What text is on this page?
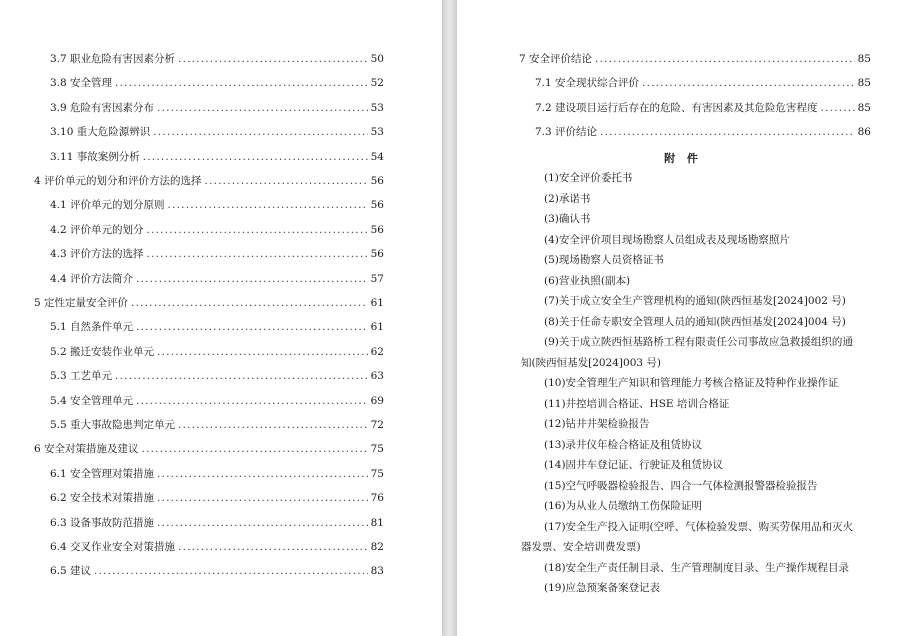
3.7 职业危险有害因素分析 .....	50
3.8 安全管理 .....	52
3.9 危险有害因素分布 .....	53
3.10 重大危险源辨识 .....	53
3.11 事故案例分析 .....	54
4 评价单元的划分和评价方法的选择 .....	56
4.1 评价单元的划分原则 .....	56
4.2 评价单元的划分 .....	56
4.3 评价方法的选择 .....	56
4.4 评价方法简介 .....	57
5 定性定量安全评价 .....	61
5.1 自然条件单元 .....	61
5.2 搬迁安装作业单元 .....	62
5.3 工艺单元 .....	63
5.4 安全管理单元 .....	69
5.5 重大事故隐患判定单元 .....	72
6 安全对策措施及建议 .....	75
6.1 安全管理对策措施 .....	75
6.2 安全技术对策措施 .....	76
6.3 设备事故防范措施 .....	81
6.4 交叉作业安全对策措施 .....	82
6.5 建议 .....	83
7 安全评价结论 .....	85
7.1 安全现状综合评价 .....	85
7.2 建设项目运行后存在的危险、有害因素及其危险危害程度 .....	85
7.3 评价结论 .....	86
附 件
(1)安全评价委托书
(2)承诺书
(3)确认书
(4)安全评价项目现场勘察人员组成表及现场勘察照片
(5)现场勘察人员资格证书
(6)营业执照(副本)
(7)关于成立安全生产管理机构的通知(陕西恒基发[2024]002 号)
(8)关于任命专职安全管理人员的通知(陕西恒基发[2024]004 号)
(9)关于成立陕西恒基路桥工程有限责任公司事故应急救援组织的通
知(陕西恒基发[2024]003 号)
(10)安全管理生产知识和管理能力考核合格证及特种作业操作证
(11)井控培训合格证、HSE 培训合格证
(12)钻井井架检验报告
(13)录井仪年检合格证及租赁协议
(14)固井车登记证、行驶证及租赁协议
(15)空气呼吸器检验报告、四合一气体检测报警器检验报告
(16)为从业人员缴纳工伤保险证明
(17)安全生产投入证明(空呼、气体检验发票、购买劳保用品和灭火
器发票、安全培训费发票)
(18)安全生产责任制目录、生产管理制度目录、生产操作规程目录
(19)应急预案备案登记表
